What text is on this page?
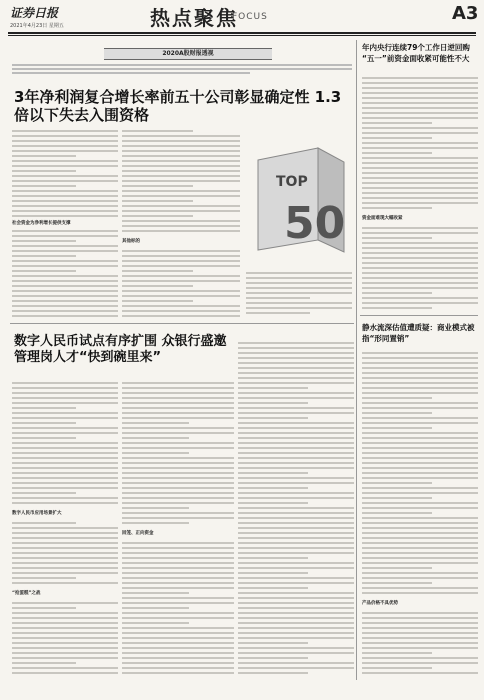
证券日报
2021年4月23日 星期五	热点聚焦
FOCUS	A3
2020A股财报透视
3年净利润复合增长率前五十公司彰显确定性 1.3倍以下失去入围资格
社会资金为净利增长提供支撑
其他标的
TOP
50
数字人民币试点有序扩围 众银行盛邀管理岗人才“快到碗里来”
数字人民币应用场景扩大
“抢蛋糕”之战
回笼、正向资金
年内央行连续79个工作日逆回购 “五一”前资金面收紧可能性不大
资金面难现大幅收紧
静水流深估值遭质疑：商业模式被指“形同置销”
产品价格不具优势
